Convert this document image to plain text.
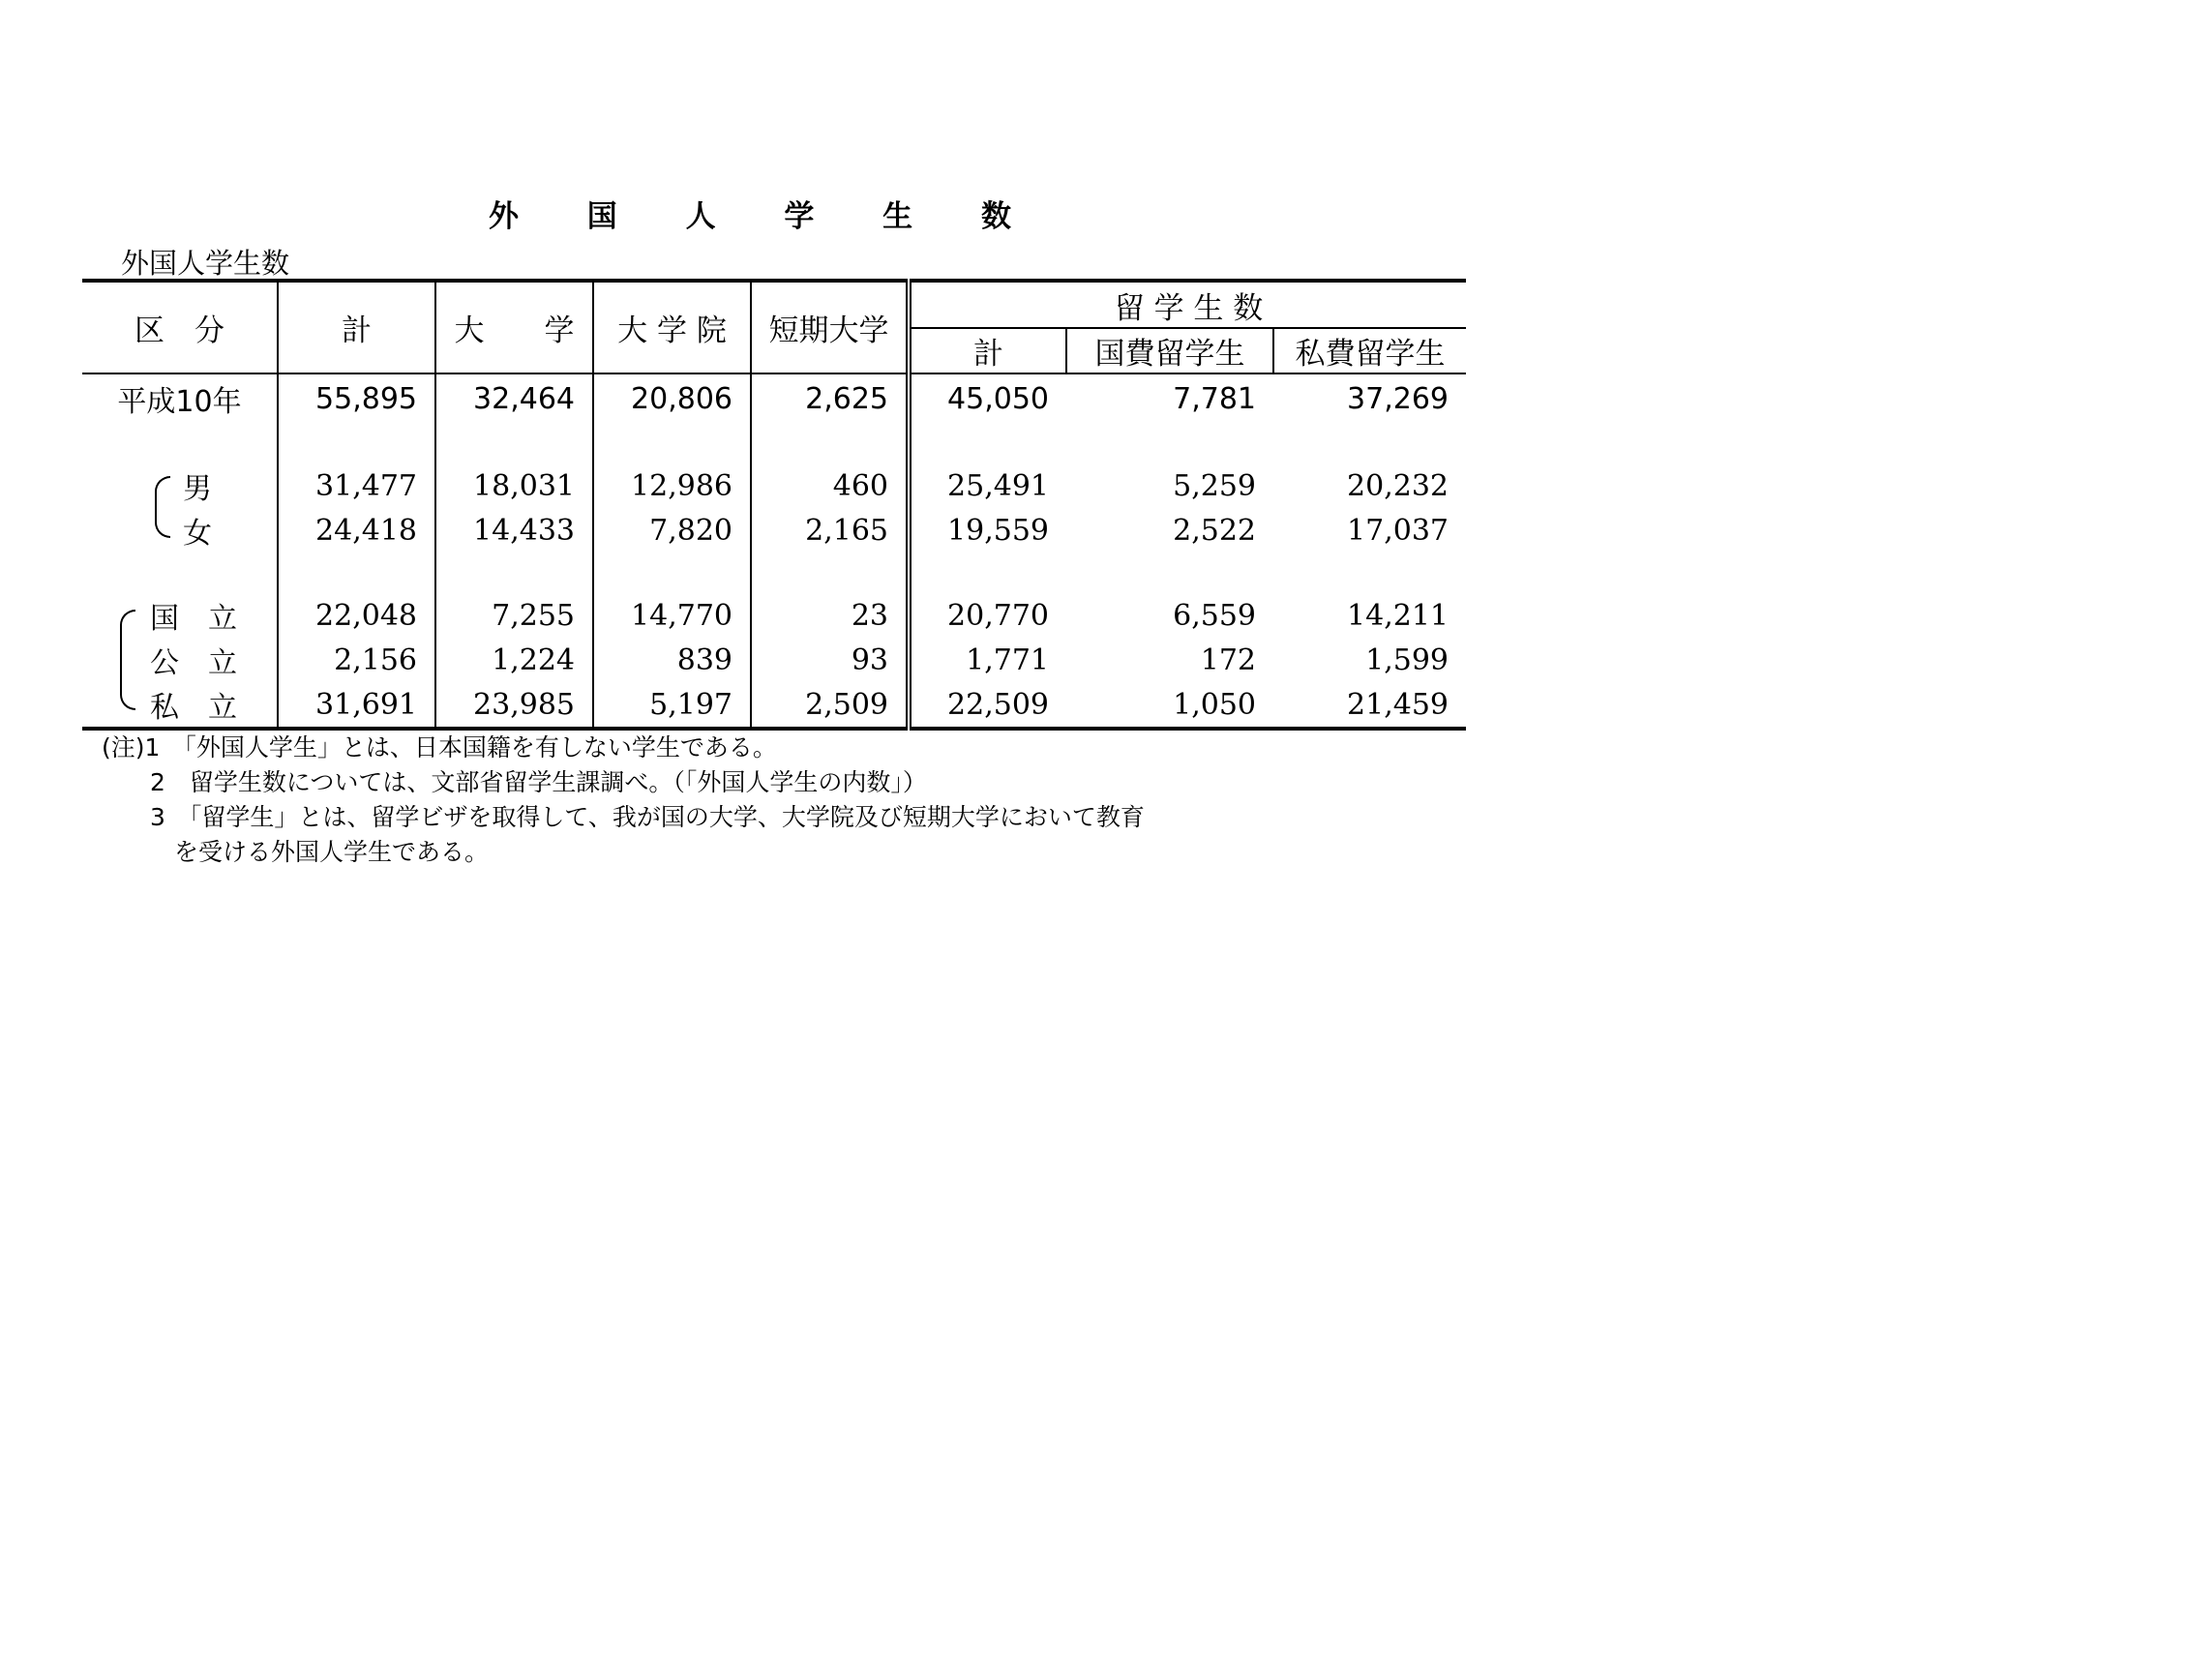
外 国 人 学 生 数
外国人学生数
区　分	計	大　　学	大 学 院	短期大学	留 学 生 数		
					計	国費留学生	私費留学生
平成10年	55,895	32,464	20,806	2,625	45,050	7,781	37,269

男	31,477	18,031	12,986	460	25,491	5,259	20,232
女	24,418	14,433	7,820	2,165	19,559	2,522	17,037

国　立	22,048	7,255	14,770	23	20,770	6,559	14,211
公　立	2,156	1,224	839	93	1,771	172	1,599
私　立	31,691	23,985	5,197	2,509	22,509	1,050	21,459
(注)1　「外国人学生」とは、日本国籍を有しない学生である。
　　2　留学生数については、文部省留学生課調べ。（「外国人学生の内数」）
　　3　「留学生」とは、留学ビザを取得して、我が国の大学、大学院及び短期大学において教育
　　　を受ける外国人学生である。
